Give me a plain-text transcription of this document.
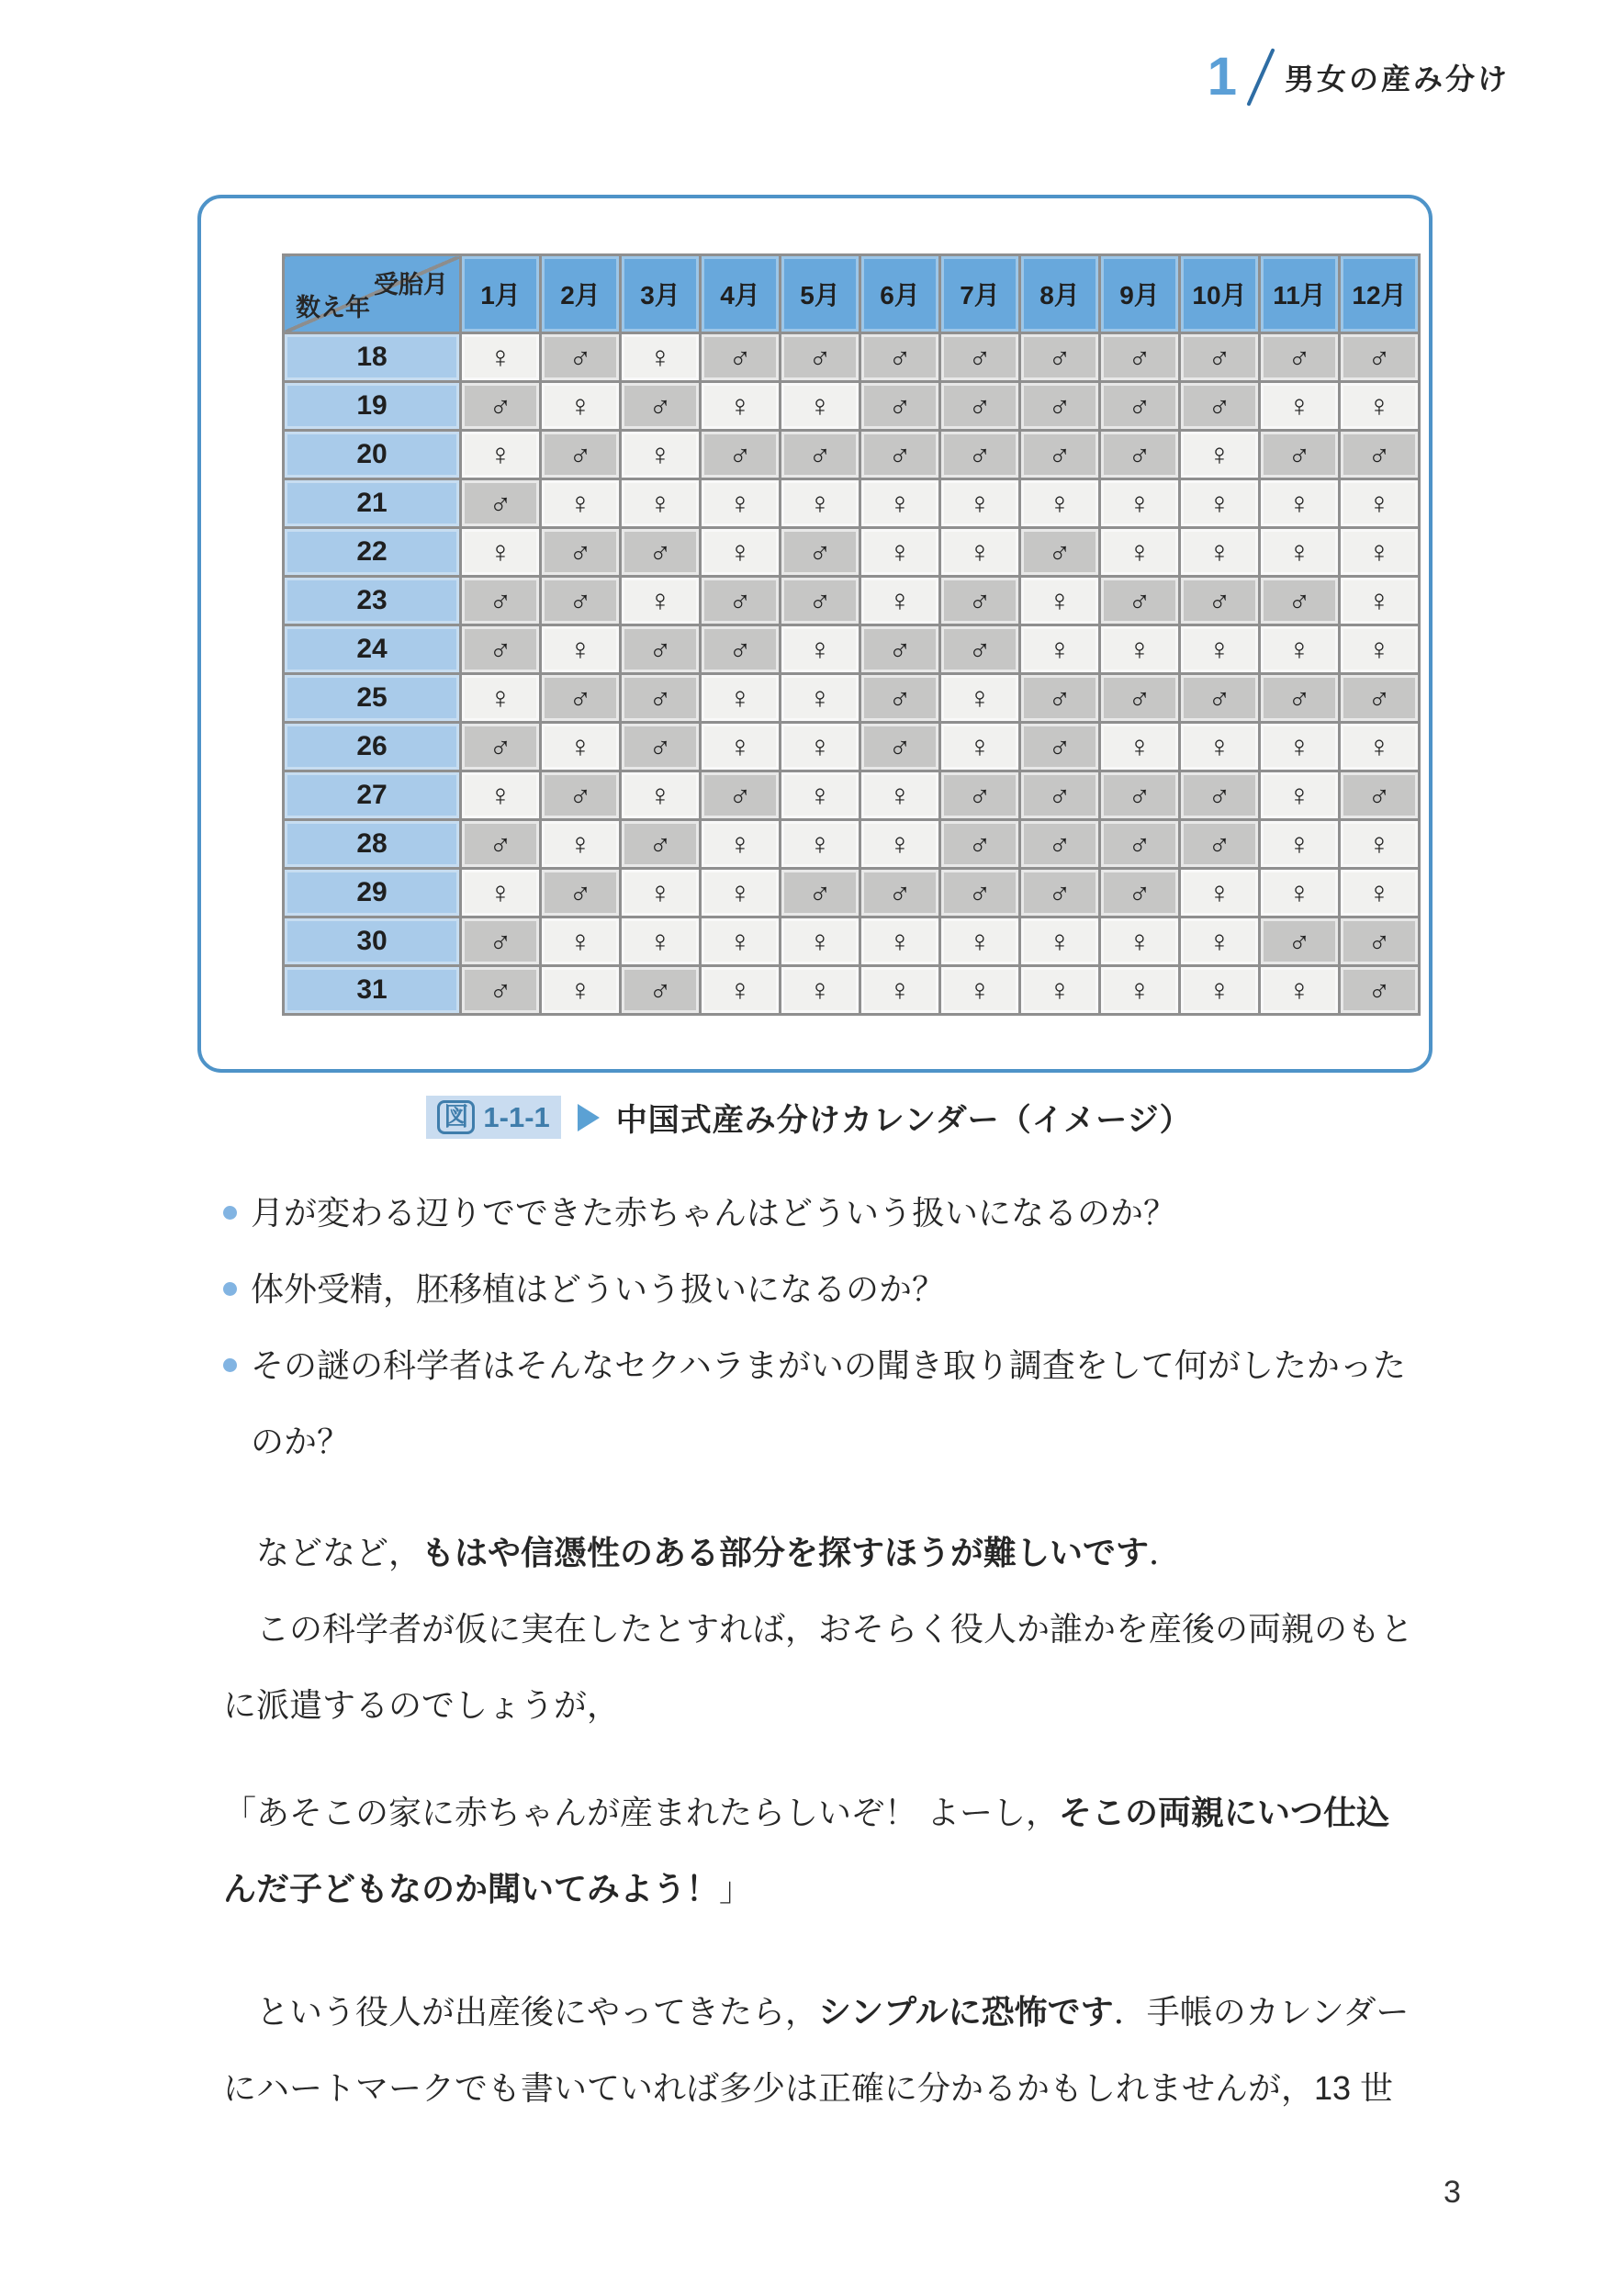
1 男女の産み分け
受胎月
数え年	1月	2月	3月	4月	5月	6月	7月	8月	9月	10月	11月	12月
18	♀	♂	♀	♂	♂	♂	♂	♂	♂	♂	♂	♂
19	♂	♀	♂	♀	♀	♂	♂	♂	♂	♂	♀	♀
20	♀	♂	♀	♂	♂	♂	♂	♂	♂	♀	♂	♂
21	♂	♀	♀	♀	♀	♀	♀	♀	♀	♀	♀	♀
22	♀	♂	♂	♀	♂	♀	♀	♂	♀	♀	♀	♀
23	♂	♂	♀	♂	♂	♀	♂	♀	♂	♂	♂	♀
24	♂	♀	♂	♂	♀	♂	♂	♀	♀	♀	♀	♀
25	♀	♂	♂	♀	♀	♂	♀	♂	♂	♂	♂	♂
26	♂	♀	♂	♀	♀	♂	♀	♂	♀	♀	♀	♀
27	♀	♂	♀	♂	♀	♀	♂	♂	♂	♂	♀	♂
28	♂	♀	♂	♀	♀	♀	♂	♂	♂	♂	♀	♀
29	♀	♂	♀	♀	♂	♂	♂	♂	♂	♀	♀	♀
30	♂	♀	♀	♀	♀	♀	♀	♀	♀	♀	♂	♂
31	♂	♀	♂	♀	♀	♀	♀	♀	♀	♀	♀	♂
図 1-1-1 中国式産み分けカレンダー（イメージ）
月が変わる辺りでできた赤ちゃんはどういう扱いになるのか？
体外受精，胚移植はどういう扱いになるのか？
その謎の科学者はそんなセクハラまがいの聞き取り調査をして何がしたかった
のか？
　などなど，もはや信憑性のある部分を探すほうが難しいです．
　この科学者が仮に実在したとすれば，おそらく役人か誰かを産後の両親のもと
に派遣するのでしょうが，
「あそこの家に赤ちゃんが産まれたらしいぞ！ よーし，そこの両親にいつ仕込
んだ子どもなのか聞いてみよう！」
　という役人が出産後にやってきたら，シンプルに恐怖です．手帳のカレンダー
にハートマークでも書いていれば多少は正確に分かるかもしれませんが，13 世
3
